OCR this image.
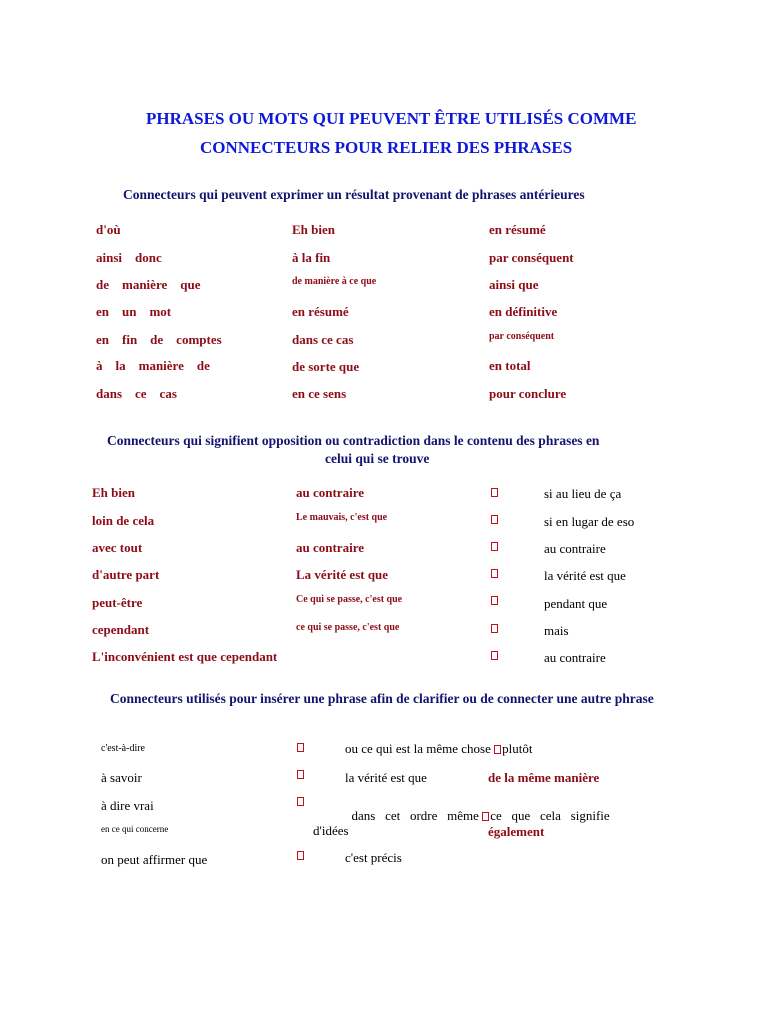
PHRASES OU MOTS QUI PEUVENT ÊTRE UTILISÉS COMME
CONNECTEURS POUR RELIER DES PHRASES
Connecteurs qui peuvent exprimer un résultat provenant de phrases antérieures
d'où
ainsi    donc
de    manière    que
en    un    mot
en    fin    de    comptes
à    la    manière    de
dans    ce    cas
Eh bien
à la fin
de manière à ce que
en résumé
dans ce cas
de sorte que
en ce sens
en résumé
par conséquent
ainsi que
en définitive
par conséquent
en total
pour conclure
Connecteurs qui signifient opposition ou contradiction dans le contenu des phrases en
celui qui se trouve
Eh bien
loin de cela
avec tout
d'autre part
peut-être
cependant
L'inconvénient est que cependant
au contraire
Le mauvais, c'est que
au contraire
La vérité est que
Ce qui se passe, c'est que
ce qui se passe, c'est que
si au lieu de ça
si en lugar de eso
au contraire
la vérité est que
pendant que
mais
au contraire
Connecteurs utilisés pour insérer une phrase afin de clarifier ou de connecter une autre phrase
c'est-à-dire
à savoir
à dire vrai
en ce qui concerne
on peut affirmer que
ou ce qui est la même chose plutôt
la vérité est que

dans   cet   ordre   même ce   que   cela   signifie

d'idées
c'est précis
de la même manière
également
